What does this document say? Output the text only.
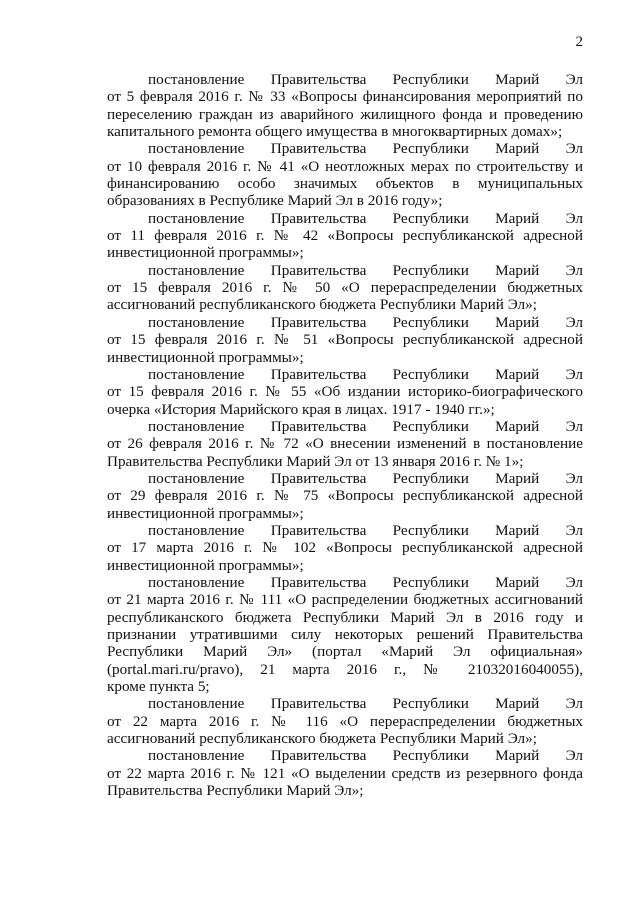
2
постановление Правительства Республики Марий Эл
от 5 февраля 2016 г. № 33 «Вопросы финансирования мероприятий по
переселению граждан из аварийного жилищного фонда и проведению
капитального ремонта общего имущества в многоквартирных домах»;
постановление Правительства Республики Марий Эл
от 10 февраля 2016 г. № 41 «О неотложных мерах по строительству и
финансированию особо значимых объектов в муниципальных
образованиях в Республике Марий Эл в 2016 году»;
постановление Правительства Республики Марий Эл
от 11 февраля 2016 г. № 42 «Вопросы республиканской адресной
инвестиционной программы»;
постановление Правительства Республики Марий Эл
от 15 февраля 2016 г. № 50 «О перераспределении бюджетных
ассигнований республиканского бюджета Республики Марий Эл»;
постановление Правительства Республики Марий Эл
от 15 февраля 2016 г. № 51 «Вопросы республиканской адресной
инвестиционной программы»;
постановление Правительства Республики Марий Эл
от 15 февраля 2016 г. № 55 «Об издании историко-биографического
очерка «История Марийского края в лицах. 1917 - 1940 гг.»;
постановление Правительства Республики Марий Эл
от 26 февраля 2016 г. № 72 «О внесении изменений в постановление
Правительства Республики Марий Эл от 13 января 2016 г. № 1»;
постановление Правительства Республики Марий Эл
от 29 февраля 2016 г. № 75 «Вопросы республиканской адресной
инвестиционной программы»;
постановление Правительства Республики Марий Эл
от 17 марта 2016 г. № 102 «Вопросы республиканской адресной
инвестиционной программы»;
постановление Правительства Республики Марий Эл
от 21 марта 2016 г. № 111 «О распределении бюджетных ассигнований
республиканского бюджета Республики Марий Эл в 2016 году и
признании утратившими силу некоторых решений Правительства
Республики Марий Эл» (портал «Марий Эл официальная»
(portal.mari.ru/pravo), 21 марта 2016 г., № 21032016040055),
кроме пункта 5;
постановление Правительства Республики Марий Эл
от 22 марта 2016 г. № 116 «О перераспределении бюджетных
ассигнований республиканского бюджета Республики Марий Эл»;
постановление Правительства Республики Марий Эл
от 22 марта 2016 г. № 121 «О выделении средств из резервного фонда
Правительства Республики Марий Эл»;
